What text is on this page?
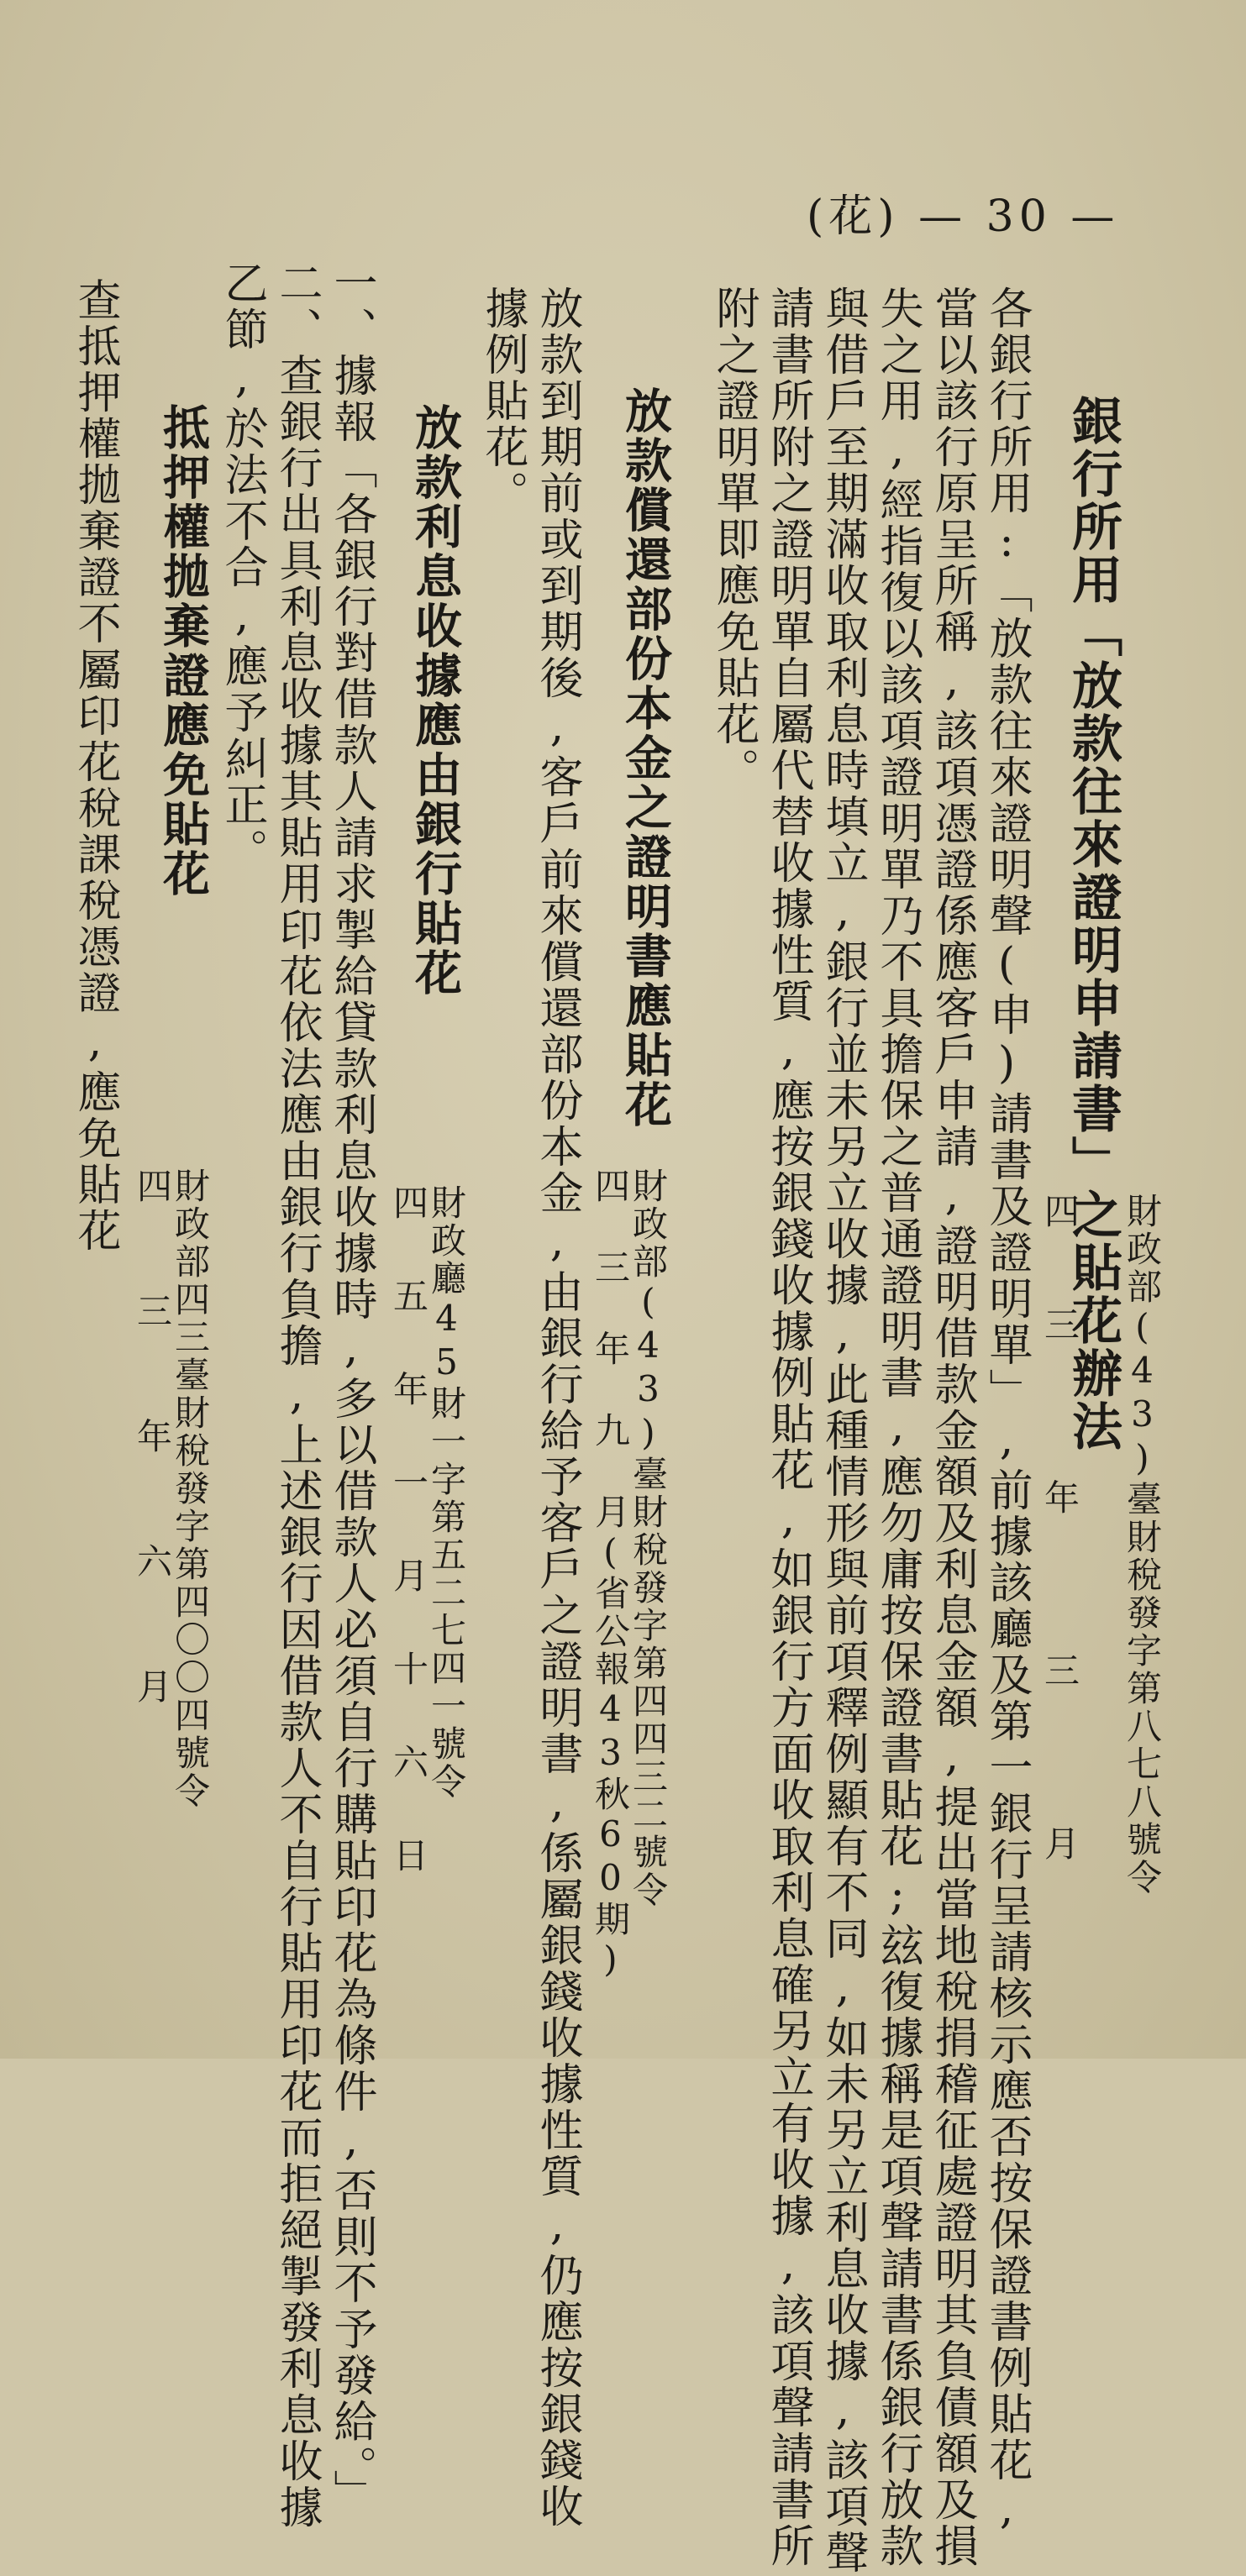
(花) — 30 —
銀行所用「放款往來證明申請書」之貼花辦法
財政部(43)臺財稅發字第八七八號令
四 三  年  三  月
各銀行所用:「放款往來證明聲(申)請書及證明單」,前據該廳及第一銀行呈請核示應否按保證書例貼花,
當以該行原呈所稱,該項憑證係應客戶申請,證明借款金額及利息金額,提出當地稅捐稽征處證明其負債額及損
失之用,經指復以該項證明單乃不具擔保之普通證明書,應勿庸按保證書貼花;玆復據稱是項聲請書係銀行放款
與借戶至期滿收取利息時填立,銀行並未另立收據,此種情形與前項釋例顯有不同,如未另立利息收據,該項聲
請書所附之證明單自屬代替收據性質,應按銀錢收據例貼花,如銀行方面收取利息確另立有收據,該項聲請書所
附之證明單即應免貼花。
放款償還部份本金之證明書應貼花
財政部(43)臺財稅發字第四四三二號令
四 三 年 九 月(省公報43秋60期)
放款到期前或到期後,客戶前來償還部份本金,由銀行給予客戶之證明書,係屬銀錢收據性質,仍應按銀錢收
據例貼花。
放款利息收據應由銀行貼花
財政廳45財一字第五二七四一號令
四 五 年 一 月 十 六 日
一、據報「各銀行對借款人請求掣給貸款利息收據時,多以借款人必須自行購貼印花為條件,否則不予發給。」
二、查銀行出具利息收據其貼用印花依法應由銀行負擔,上述銀行因借款人不自行貼用印花而拒絕掣發利息收據
乙節,於法不合,應予糾正。
抵押權拋棄證應免貼花
財政部四三臺財稅發字第四〇〇四號令
四  三  年  六  月
查抵押權拋棄證不屬印花稅課稅憑證,應免貼花
